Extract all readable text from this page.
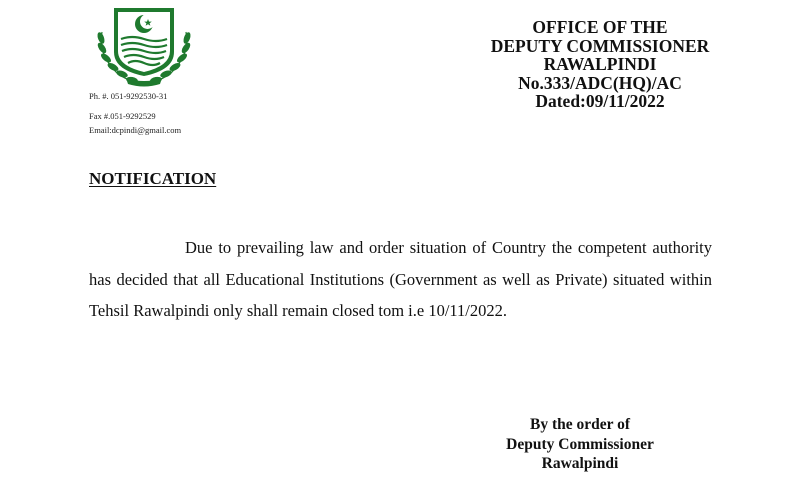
Ph. #. 051-9292530-31
Fax #.051-9292529
Email:dcpindi@gmail.com
OFFICE OF THE
DEPUTY COMMISSIONER
RAWALPINDI
No.333/ADC(HQ)/AC
Dated:09/11/2022
NOTIFICATION

Due to prevailing law and order situation of Country the competent authority has decided that all Educational Institutions (Government as well as Private) situated within Tehsil Rawalpindi only shall remain closed tom i.e 10/11/2022.

By the order of
Deputy Commissioner
Rawalpindi
